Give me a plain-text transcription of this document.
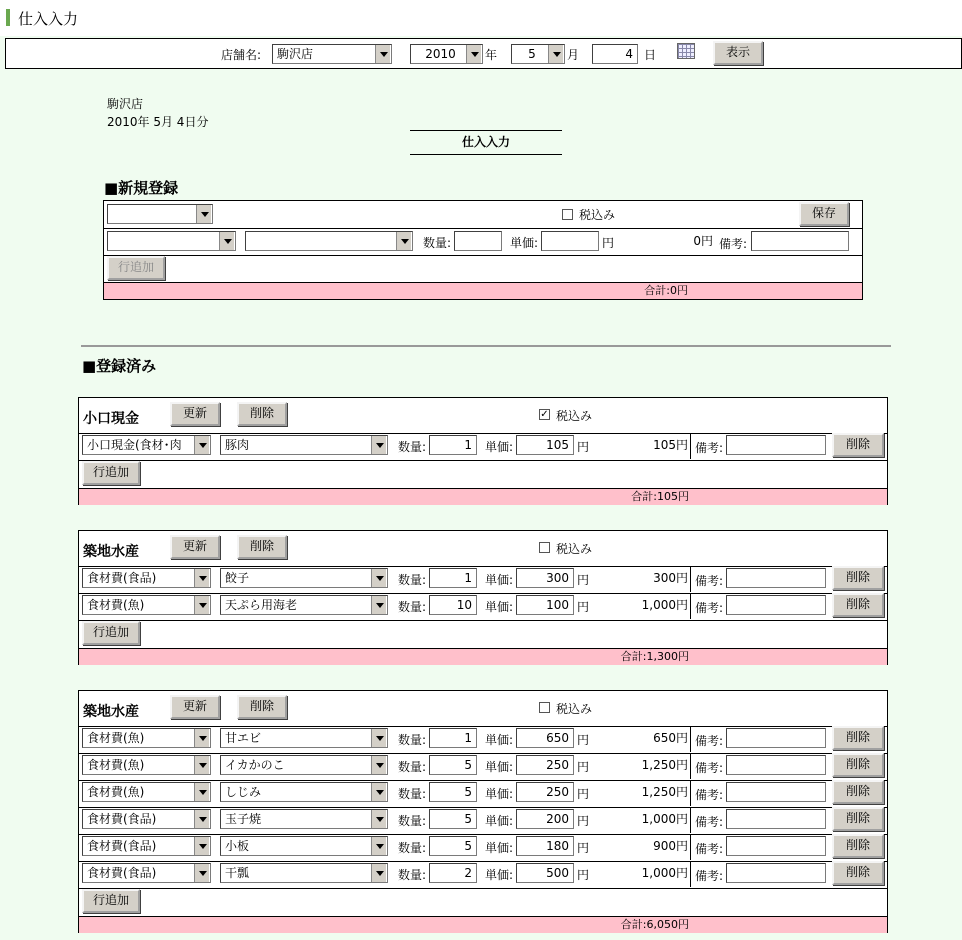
仕入入力
店舗名:	駒沢店	2010	年	5	月	4 日	表示
駒沢店
2010年 5月 4日分
仕入入力
■新規登録
税込み	保存
数量:	単価:	円	0円 備考:
行追加
合計:0円
■登録済み
小口現金	更新	削除	✓ 税込み
小口現金(食材･肉	豚肉	数量:	1	単価:	105 円	105円 備考:	削除
行追加
合計:105円
築地水産	更新	削除	税込み
食材費(食品)	餃子	数量:	1	単価:	300 円	300円 備考:	削除
食材費(魚)	天ぷら用海老	数量:	10	単価:	100 円	1,000円 備考:	削除
行追加
合計:1,300円
築地水産	更新	削除	税込み
食材費(魚)	甘エビ	数量:	1	単価:	650 円	650円 備考:	削除
食材費(魚)	イカかのこ	数量:	5	単価:	250 円	1,250円 備考:	削除
食材費(魚)	しじみ	数量:	5	単価:	250 円	1,250円 備考:	削除
食材費(食品)	玉子焼	数量:	5	単価:	200 円	1,000円 備考:	削除
食材費(食品)	小板	数量:	5	単価:	180 円	900円 備考:	削除
食材費(食品)	干瓢	数量:	2	単価:	500 円	1,000円 備考:	削除
行追加
合計:6,050円
